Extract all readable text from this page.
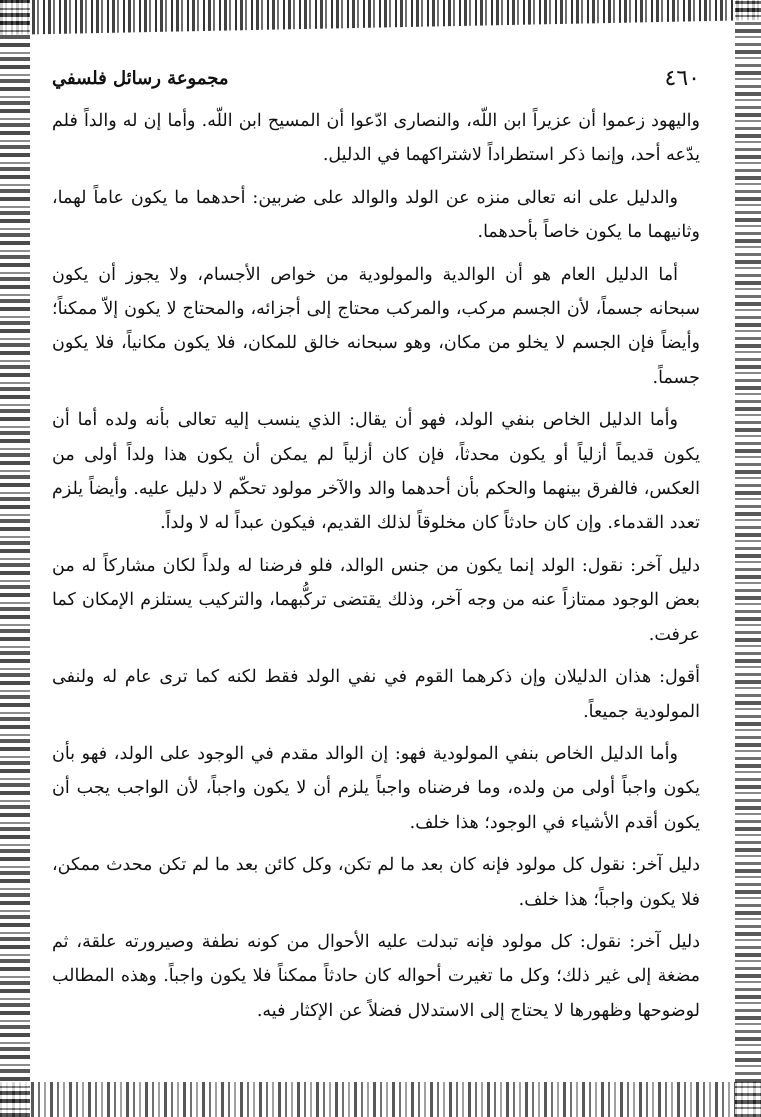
٤٦٠
مجموعة رسائل فلسفي

واليهود زعموا أن عزيراً ابن اللّه، والنصارى ادّعوا أن المسيح ابن اللّه. وأما إن له والداً فلم يدّعه أحد، وإنما ذكر استطراداً لاشتراكهما في الدليل.

والدليل على انه تعالى منزه عن الولد والوالد على ضربين: أحدهما ما يكون عاماً لهما، وثانيهما ما يكون خاصاً بأحدهما.

أما الدليل العام هو أن الوالدية والمولودية من خواص الأجسام، ولا يجوز أن يكون سبحانه جسماً، لأن الجسم مركب، والمركب محتاج إلى أجزائه، والمحتاج لا يكون إلاّ ممكناً؛ وأيضاً فإن الجسم لا يخلو من مكان، وهو سبحانه خالق للمكان، فلا يكون مكانياً، فلا يكون جسماً.

وأما الدليل الخاص بنفي الولد، فهو أن يقال: الذي ينسب إليه تعالى بأنه ولده أما أن يكون قديماً أزلياً أو يكون محدثاً، فإن كان أزلياً لم يمكن أن يكون هذا ولداً أولى من العكس، فالفرق بينهما والحكم بأن أحدهما والد والآخر مولود تحكّم لا دليل عليه. وأيضاً يلزم تعدد القدماء. وإن كان حادثاً كان مخلوقاً لذلك القديم، فيكون عبداً له لا ولداً.

دليل آخر: نقول: الولد إنما يكون من جنس الوالد، فلو فرضنا له ولداً لكان مشاركاً له من بعض الوجود ممتازاً عنه من وجه آخر، وذلك يقتضى تركُّبهما، والتركيب يستلزم الإمكان كما عرفت.

أقول: هذان الدليلان وإن ذكرهما القوم في نفي الولد فقط لكنه كما ترى عام له ولنفى المولودية جميعاً.

وأما الدليل الخاص بنفي المولودية فهو: إن الوالد مقدم في الوجود على الولد، فهو بأن يكون واجباً أولى من ولده، وما فرضناه واجباً يلزم أن لا يكون واجباً، لأن الواجب يجب أن يكون أقدم الأشياء في الوجود؛ هذا خلف.

دليل آخر: نقول كل مولود فإنه كان بعد ما لم تكن، وكل كائن بعد ما لم تكن محدث ممكن، فلا يكون واجباً؛ هذا خلف.

دليل آخر: نقول: كل مولود فإنه تبدلت عليه الأحوال من كونه نطفة وصيرورته علقة، ثم مضغة إلى غير ذلك؛ وكل ما تغيرت أحواله كان حادثاً ممكناً فلا يكون واجباً. وهذه المطالب لوضوحها وظهورها لا يحتاج إلى الاستدلال فضلاً عن الإكثار فيه.
